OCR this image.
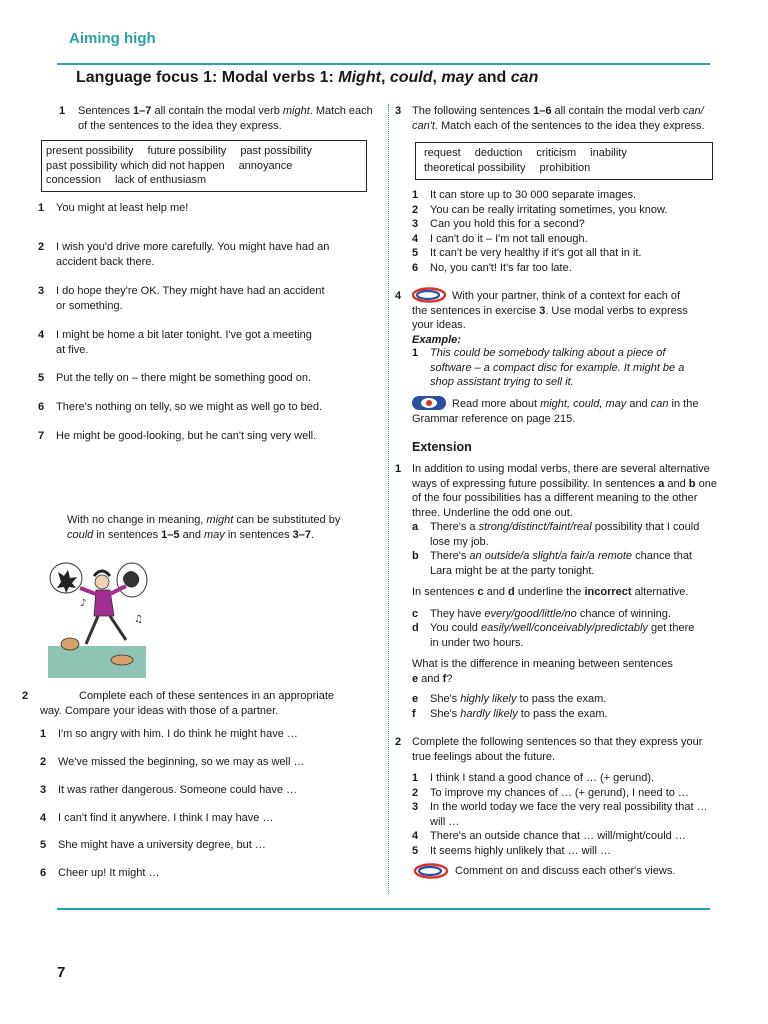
Aiming high
Language focus 1: Modal verbs 1: Might, could, may and can
1	Sentences 1–7 all contain the modal verb might. Match each
of the sentences to the idea they express.
present possibility future possibility past possibility
past possibility which did not happen annoyance
concession lack of enthusiasm
1	You might at least help me!
2	I wish you'd drive more carefully. You might have had an
accident back there.
3	I do hope they're OK. They might have had an accident
or something.
4	I might be home a bit later tonight. I've got a meeting
at five.
5	Put the telly on – there might be something good on.
6	There's nothing on telly, so we might as well go to bed.
7	He might be good-looking, but he can't sing very well.
With no change in meaning, might can be substituted by
could in sentences 1–5 and may in sentences 3–7.
♪
♫
2	Complete each of these sentences in an appropriate
way. Compare your ideas with those of a partner.
1	I'm so angry with him. I do think he might have …
2	We've missed the beginning, so we may as well …
3	It was rather dangerous. Someone could have …
4	I can't find it anywhere. I think I may have …
5	She might have a university degree, but …
6	Cheer up! It might …
3 The following sentences 1–6 all contain the modal verb can/
can't. Match each of the sentences to the idea they express.
request deduction criticism inability
theoretical possibility prohibition
1	It can store up to 30 000 separate images.
2	You can be really irritating sometimes, you know.
3	Can you hold this for a second?
4	I can't do it – I'm not tall enough.
5	It can't be very healthy if it's got all that in it.
6	No, you can't! It's far too late.
4	With your partner, think of a context for each of
the sentences in exercise 3. Use modal verbs to express
your ideas.
Example:
1	This could be somebody talking about a piece of
software – a compact disc for example. It might be a
shop assistant trying to sell it.
Read more about might, could, may and can in the
Grammar reference on page 215.
Extension
1 In addition to using modal verbs, there are several alternative
ways of expressing future possibility. In sentences a and b one
of the four possibilities has a different meaning to the other
three. Underline the odd one out.
a	There's a strong/distinct/faint/real possibility that I could
lose my job.
b	There's an outside/a slight/a fair/a remote chance that
Lara might be at the party tonight.
In sentences c and d underline the incorrect alternative.
c	They have every/good/little/no chance of winning.
d	You could easily/well/conceivably/predictably get there
in under two hours.
What is the difference in meaning between sentences
e and f?
e	She's highly likely to pass the exam.
f	She's hardly likely to pass the exam.
2 Complete the following sentences so that they express your
true feelings about the future.
1	I think I stand a good chance of … (+ gerund).
2	To improve my chances of … (+ gerund), I need to …
3	In the world today we face the very real possibility that …
will …
4	There's an outside chance that … will/might/could …
5	It seems highly unlikely that … will …
Comment on and discuss each other's views.
7
